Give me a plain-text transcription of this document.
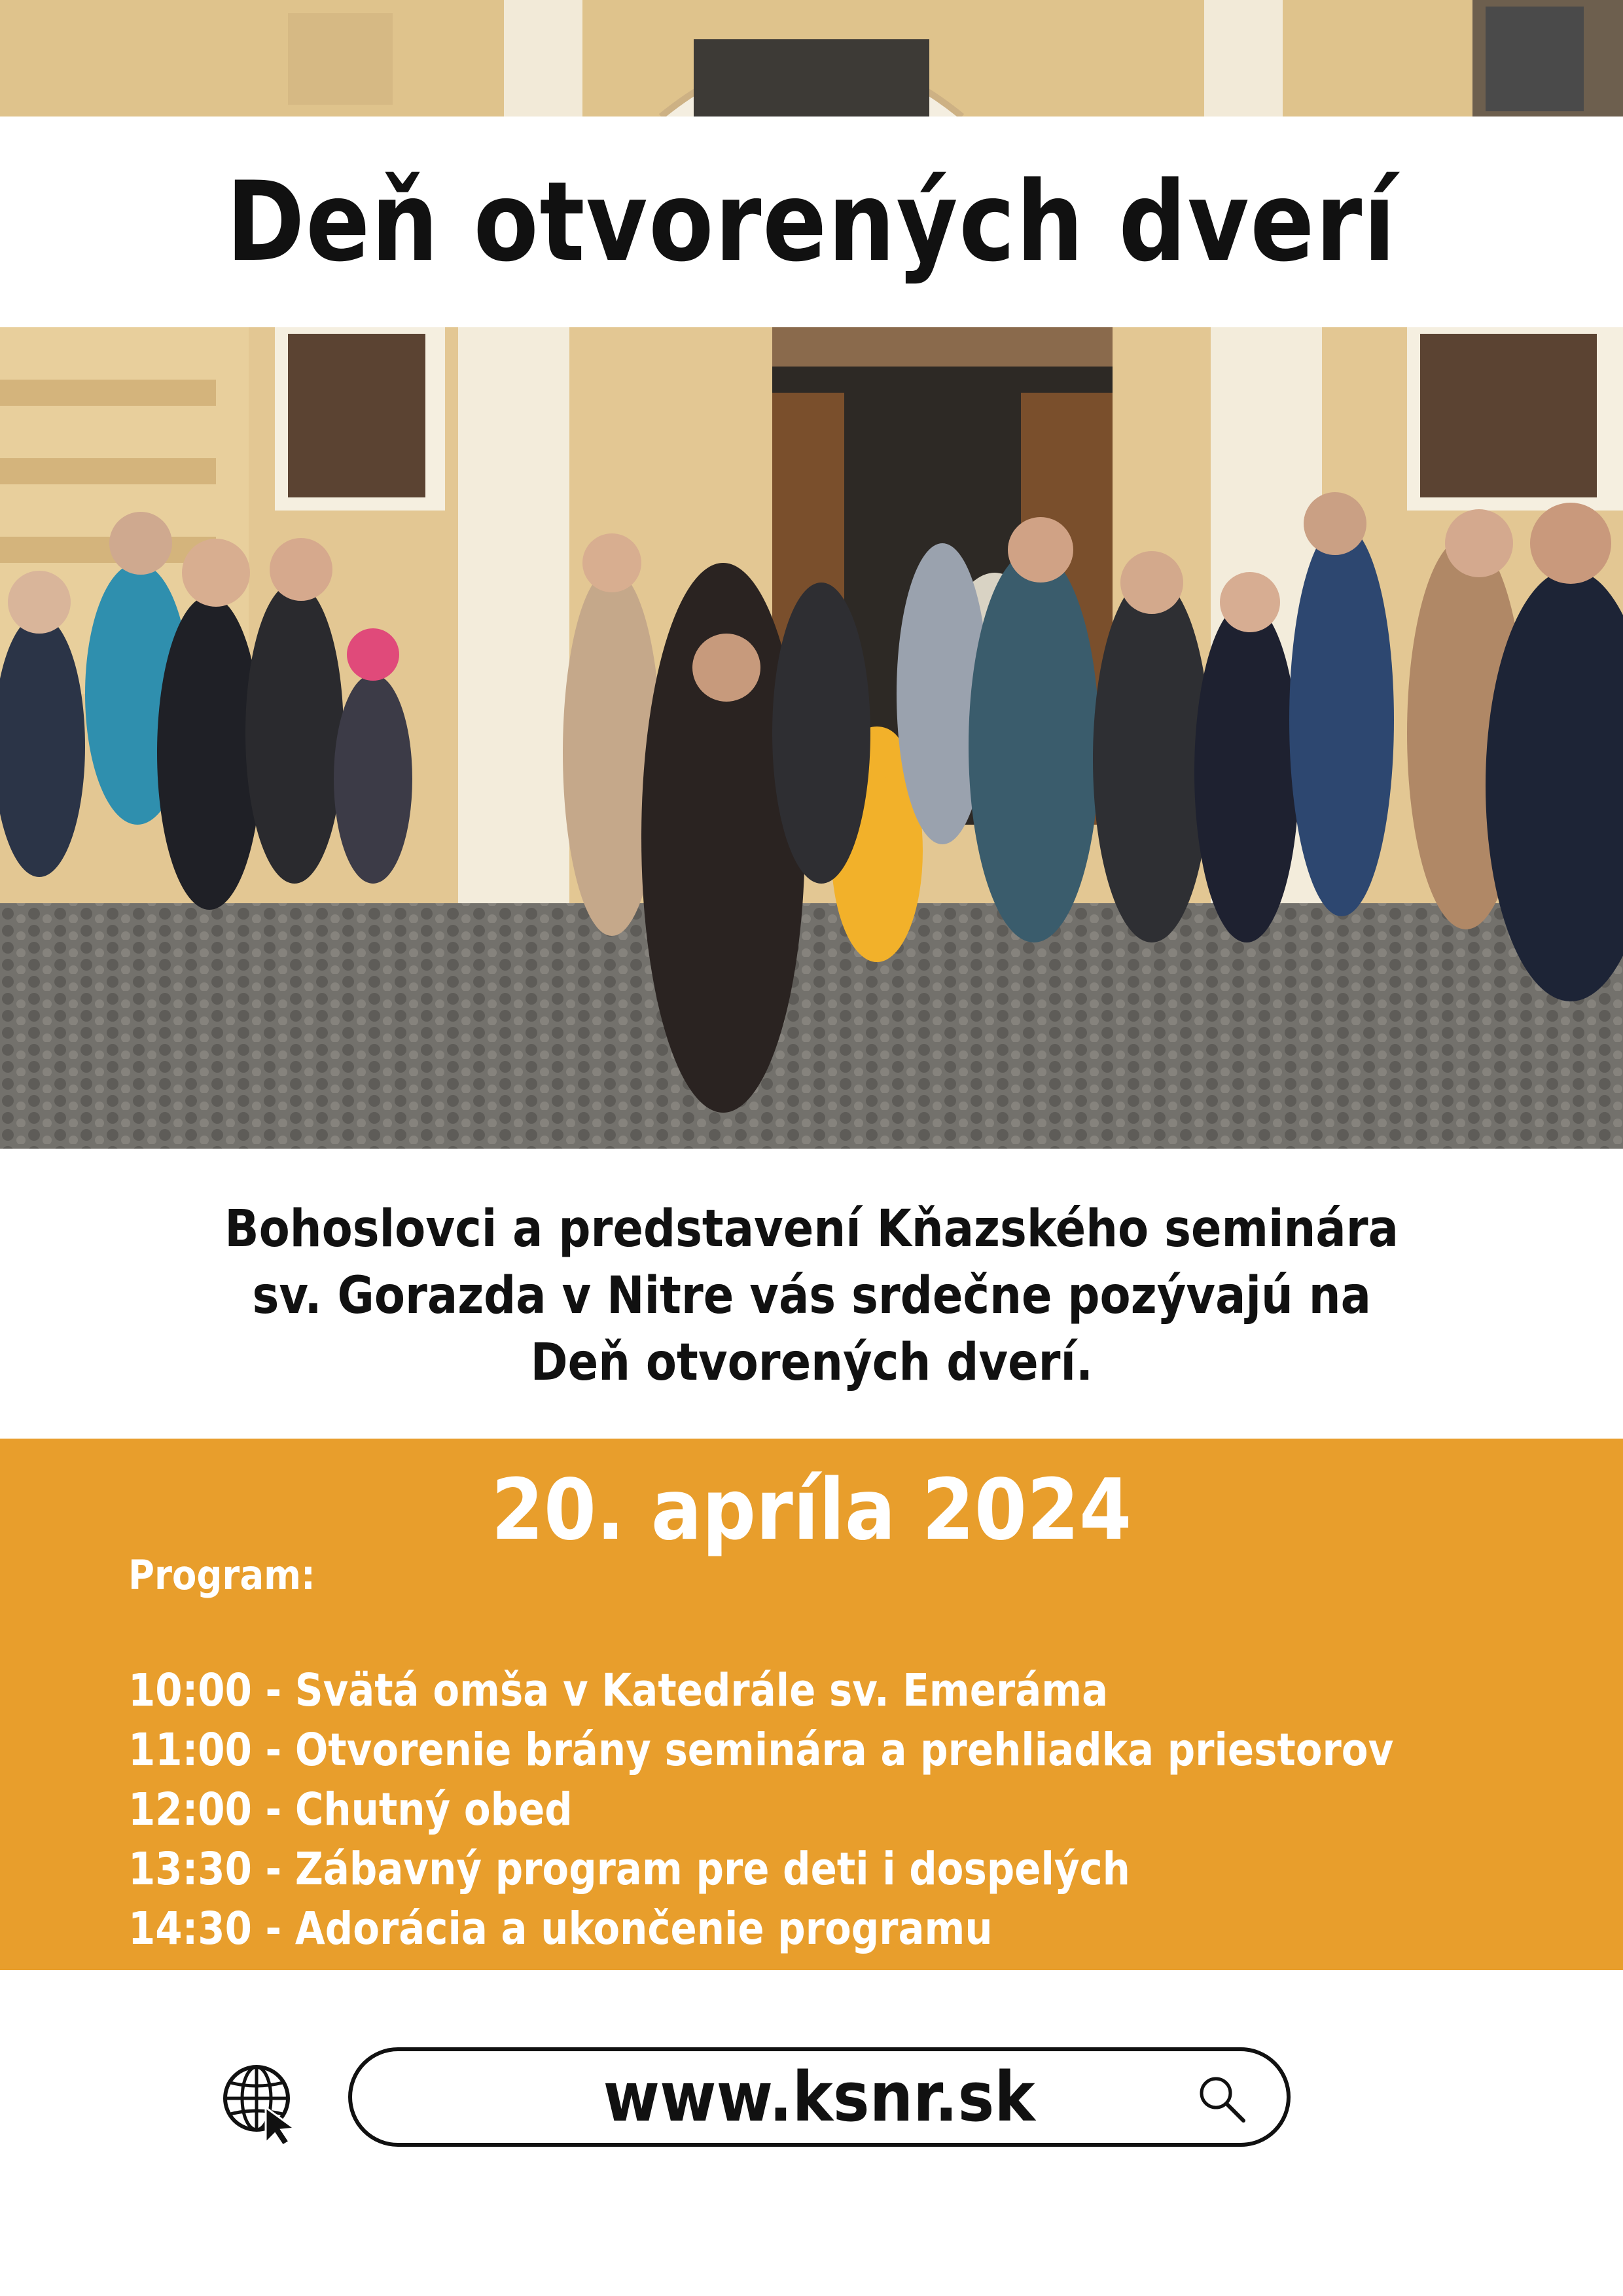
Deň otvorených dverí
Bohoslovci a predstavení Kňazského seminára
sv. Gorazda v Nitre vás srdečne pozývajú na
Deň otvorených dverí.
20. apríla 2024
Program:
10:00 - Svätá omša v Katedrále sv. Emeráma
11:00 - Otvorenie brány seminára a prehliadka priestorov
12:00 - Chutný obed
13:30 - Zábavný program pre deti i dospelých
14:30 - Adorácia a ukončenie programu
www.ksnr.sk
